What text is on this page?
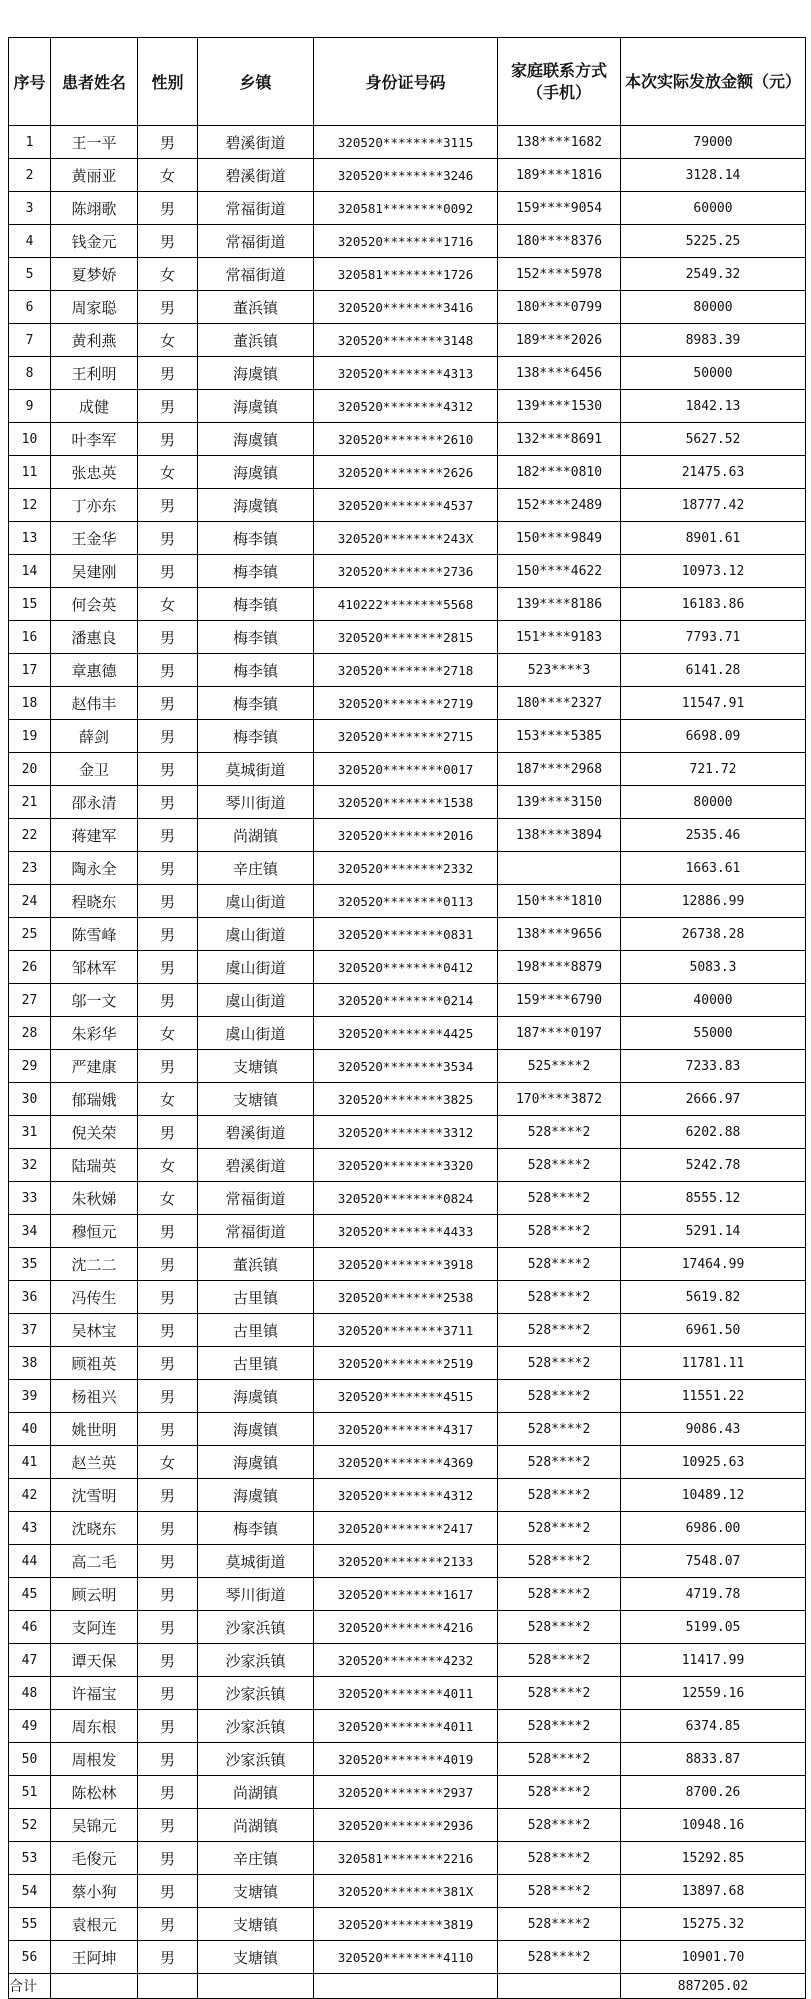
序号	患者姓名	性别	乡镇	身份证号码	家庭联系方式（手机）	本次实际发放金额（元）
1	王一平	男	碧溪街道	320520********3115	138****1682	79000
2	黄丽亚	女	碧溪街道	320520********3246	189****1816	3128.14
3	陈翊歌	男	常福街道	320581********0092	159****9054	60000
4	钱金元	男	常福街道	320520********1716	180****8376	5225.25
5	夏梦娇	女	常福街道	320581********1726	152****5978	2549.32
6	周家聪	男	董浜镇	320520********3416	180****0799	80000
7	黄利燕	女	董浜镇	320520********3148	189****2026	8983.39
8	王利明	男	海虞镇	320520********4313	138****6456	50000
9	成健	男	海虞镇	320520********4312	139****1530	1842.13
10	叶李军	男	海虞镇	320520********2610	132****8691	5627.52
11	张忠英	女	海虞镇	320520********2626	182****0810	21475.63
12	丁亦东	男	海虞镇	320520********4537	152****2489	18777.42
13	王金华	男	梅李镇	320520********243X	150****9849	8901.61
14	吴建刚	男	梅李镇	320520********2736	150****4622	10973.12
15	何会英	女	梅李镇	410222********5568	139****8186	16183.86
16	潘惠良	男	梅李镇	320520********2815	151****9183	7793.71
17	章惠德	男	梅李镇	320520********2718	523****3	6141.28
18	赵伟丰	男	梅李镇	320520********2719	180****2327	11547.91
19	薛剑	男	梅李镇	320520********2715	153****5385	6698.09
20	金卫	男	莫城街道	320520********0017	187****2968	721.72
21	邵永清	男	琴川街道	320520********1538	139****3150	80000
22	蒋建军	男	尚湖镇	320520********2016	138****3894	2535.46
23	陶永全	男	辛庄镇	320520********2332		1663.61
24	程晓东	男	虞山街道	320520********0113	150****1810	12886.99
25	陈雪峰	男	虞山街道	320520********0831	138****9656	26738.28
26	邹林军	男	虞山街道	320520********0412	198****8879	5083.3
27	邬一文	男	虞山街道	320520********0214	159****6790	40000
28	朱彩华	女	虞山街道	320520********4425	187****0197	55000
29	严建康	男	支塘镇	320520********3534	525****2	7233.83
30	郁瑞娥	女	支塘镇	320520********3825	170****3872	2666.97
31	倪关荣	男	碧溪街道	320520********3312	528****2	6202.88
32	陆瑞英	女	碧溪街道	320520********3320	528****2	5242.78
33	朱秋娣	女	常福街道	320520********0824	528****2	8555.12
34	穆恒元	男	常福街道	320520********4433	528****2	5291.14
35	沈二二	男	董浜镇	320520********3918	528****2	17464.99
36	冯传生	男	古里镇	320520********2538	528****2	5619.82
37	吴林宝	男	古里镇	320520********3711	528****2	6961.50
38	顾祖英	男	古里镇	320520********2519	528****2	11781.11
39	杨祖兴	男	海虞镇	320520********4515	528****2	11551.22
40	姚世明	男	海虞镇	320520********4317	528****2	9086.43
41	赵兰英	女	海虞镇	320520********4369	528****2	10925.63
42	沈雪明	男	海虞镇	320520********4312	528****2	10489.12
43	沈晓东	男	梅李镇	320520********2417	528****2	6986.00
44	高二毛	男	莫城街道	320520********2133	528****2	7548.07
45	顾云明	男	琴川街道	320520********1617	528****2	4719.78
46	支阿连	男	沙家浜镇	320520********4216	528****2	5199.05
47	谭天保	男	沙家浜镇	320520********4232	528****2	11417.99
48	许福宝	男	沙家浜镇	320520********4011	528****2	12559.16
49	周东根	男	沙家浜镇	320520********4011	528****2	6374.85
50	周根发	男	沙家浜镇	320520********4019	528****2	8833.87
51	陈松林	男	尚湖镇	320520********2937	528****2	8700.26
52	吴锦元	男	尚湖镇	320520********2936	528****2	10948.16
53	毛俊元	男	辛庄镇	320581********2216	528****2	15292.85
54	蔡小狗	男	支塘镇	320520********381X	528****2	13897.68
55	袁根元	男	支塘镇	320520********3819	528****2	15275.32
56	王阿坤	男	支塘镇	320520********4110	528****2	10901.70
合计						887205.02
